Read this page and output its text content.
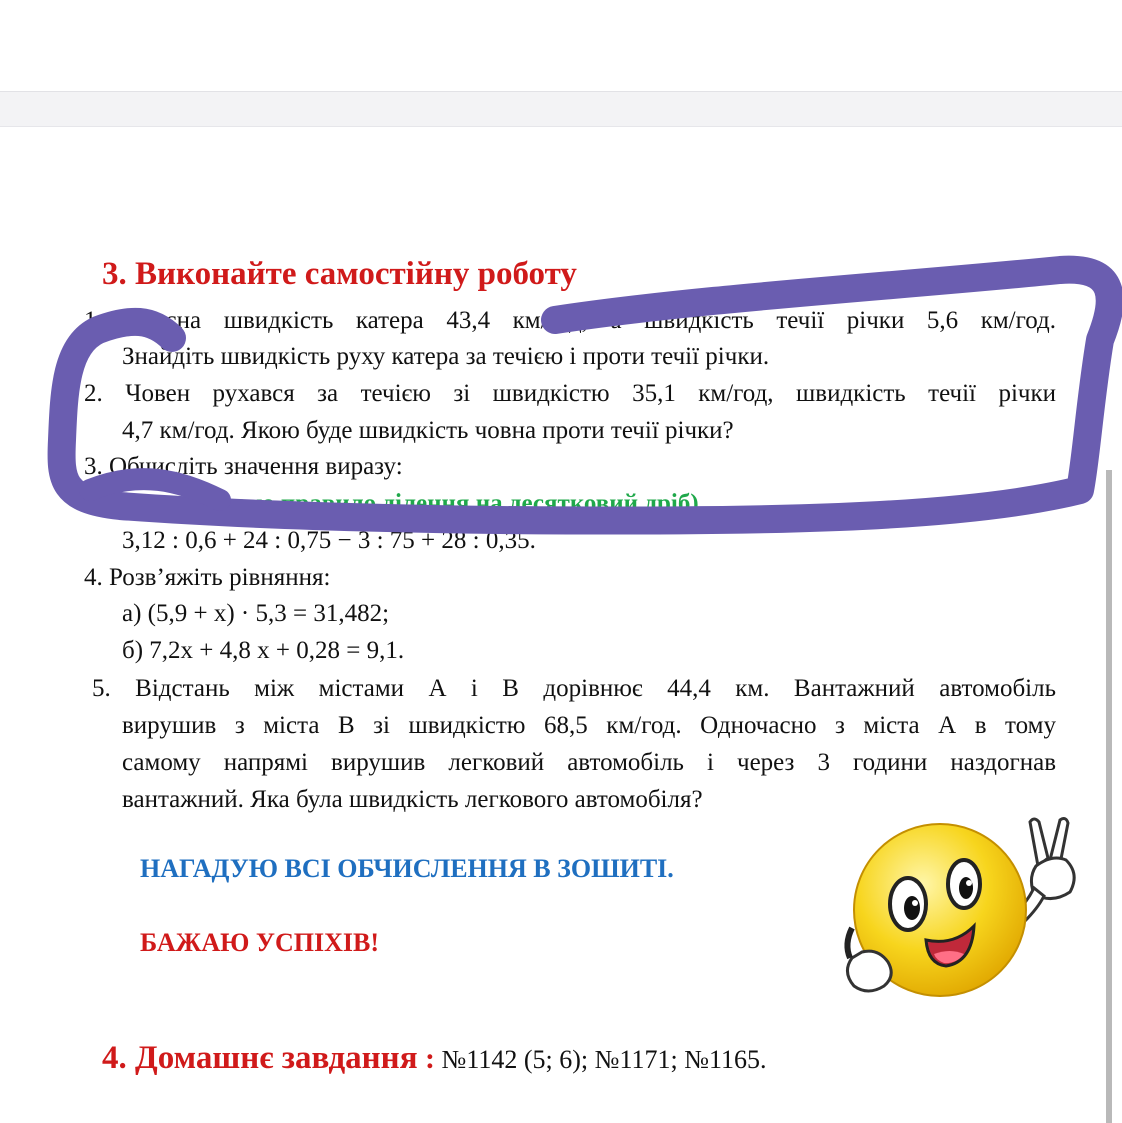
3. Виконайте самостійну роботу
1. Власна швидкість катера 43,4 км/год, а швидкість течії річки 5,6 км/год.
Знайдіть швидкість руху катера за течією і проти течії річки.
2. Човен рухався за течією зі швидкістю 35,1 км/год, швидкість течії річки
4,7 км/год. Якою буде швидкість човна проти течії річки?
3. Обчисліть значення виразу:
(не забуваємо правило ділення на десятковий дріб)
3,12 : 0,6 + 24 : 0,75 − 3 : 75 + 28 : 0,35.
4. Розв’яжіть рівняння:
а) (5,9 + х) · 5,3 = 31,482;
б) 7,2х + 4,8 х + 0,28 = 9,1.
5. Відстань між містами А і В дорівнює 44,4 км. Вантажний автомобіль
вирушив з міста В зі швидкістю 68,5 км/год. Одночасно з міста А в тому
самому напрямі вирушив легковий автомобіль і через 3 години наздогнав
вантажний. Яка була швидкість легкового автомобіля?
НАГАДУЮ ВСІ ОБЧИСЛЕННЯ В ЗОШИТІ.
БАЖАЮ УСПІХІВ!
4. Домашнє завдання : №1142 (5; 6); №1171; №1165.
